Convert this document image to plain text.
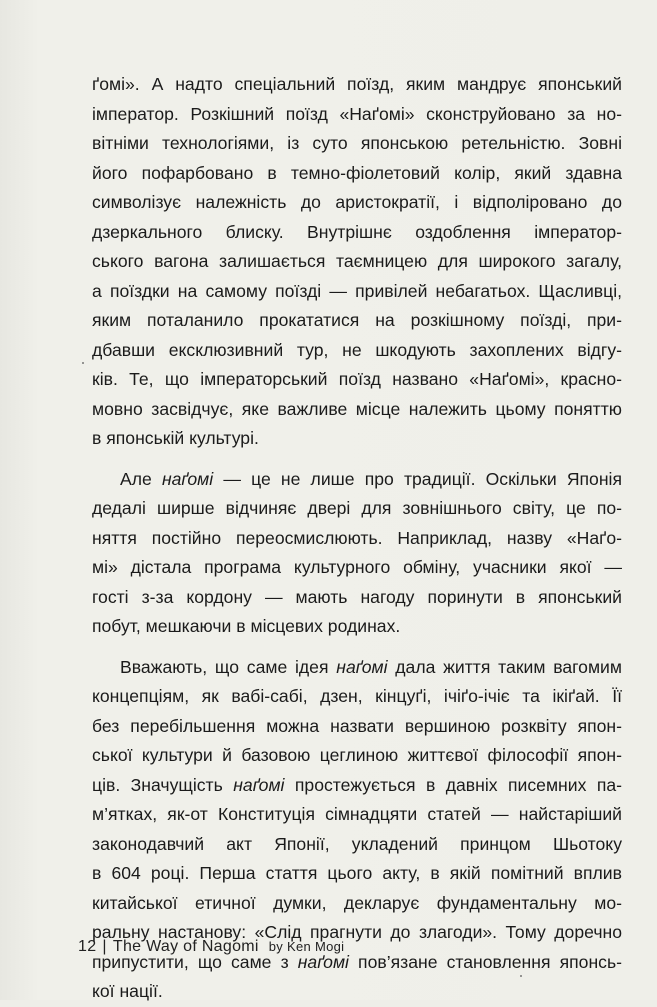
ґомі». А надто спеціальний поїзд, яким мандрує японський
імператор. Розкішний поїзд «Наґомі» сконструйовано за но-
вітніми технологіями, із суто японською ретельністю. Зовні
його пофарбовано в темно-фіолетовий колір, який здавна
символізує належність до аристократії, і відполіровано до
дзеркального блиску. Внутрішнє оздоблення імператор-
ського вагона залишається таємницею для широкого загалу,
а поїздки на самому поїзді — привілей небагатьох. Щасливці,
яким поталанило прокататися на розкішному поїзді, при-
дбавши ексклюзивний тур, не шкодують захоплених відгу-
ків. Те, що імператорський поїзд названо «Наґомі», красно-
мовно засвідчує, яке важливе місце належить цьому поняттю
в японській культурі.
Але наґомі — це не лише про традиції. Оскільки Японія
дедалі ширше відчиняє двері для зовнішнього світу, це по-
няття постійно переосмислюють. Наприклад, назву «Наґо-
мі» дістала програма культурного обміну, учасники якої —
гості з-за кордону — мають нагоду поринути в японський
побут, мешкаючи в місцевих родинах.
Вважають, що саме ідея наґомі дала життя таким вагомим
концепціям, як вабі-сабі, дзен, кінцуґі, ічіґо-ічіє та ікіґай. Її
без перебільшення можна назвати вершиною розквіту япон-
ської культури й базовою цеглиною життєвої філософії япон-
ців. Значущість наґомі простежується в давніх писемних па-
м’ятках, як-от Конституція сімнадцяти статей — найстаріший
законодавчий акт Японії, укладений принцом Шьотоку
в 604 році. Перша стаття цього акту, в якій помітний вплив
китайської етичної думки, декларує фундаментальну мо-
ральну настанову: «Слід прагнути до злагоди». Тому доречно
припустити, що саме з наґомі пов’язане становлення японсь-
кої нації.
12 | The Way of Nagomi by Ken Mogi
